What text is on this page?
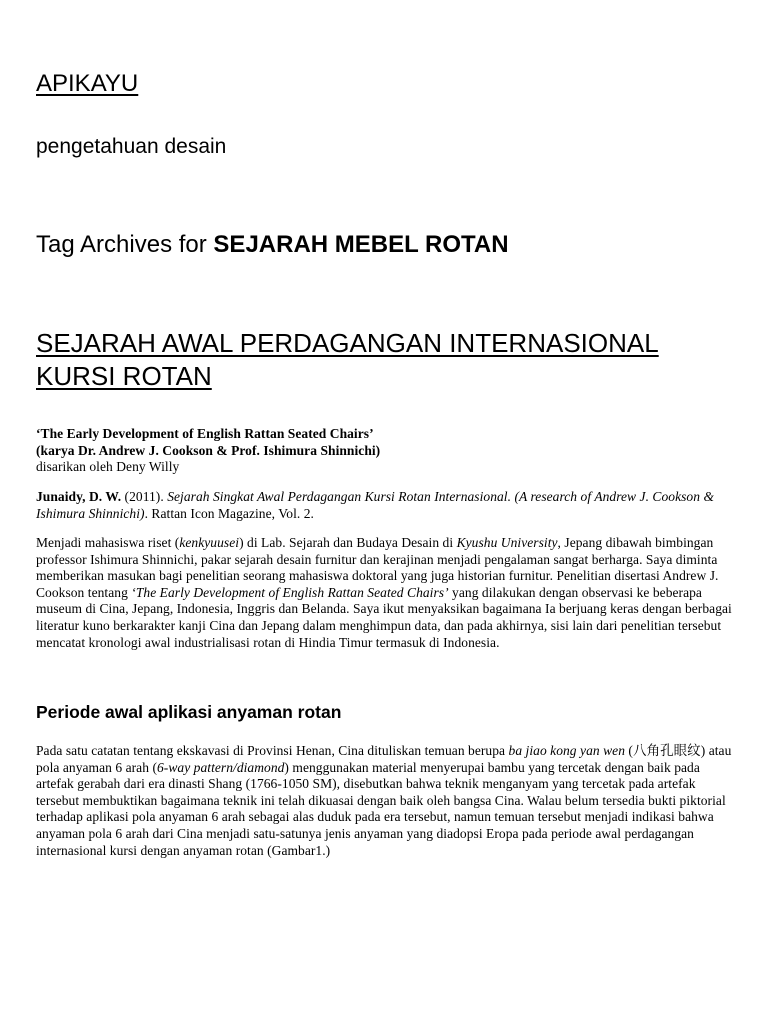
APIKAYU
pengetahuan desain
Tag Archives for SEJARAH MEBEL ROTAN
SEJARAH AWAL PERDAGANGAN INTERNASIONAL KURSI ROTAN

‘The Early Development of English Rattan Seated Chairs’

(karya Dr. Andrew J. Cookson & Prof. Ishimura Shinnichi)

disarikan oleh Deny Willy

Junaidy, D. W. (2011). Sejarah Singkat Awal Perdagangan Kursi Rotan Internasional. (A research of Andrew J. Cookson & Ishimura Shinnichi). Rattan Icon Magazine, Vol. 2.

Menjadi mahasiswa riset (kenkyuusei) di Lab. Sejarah dan Budaya Desain di Kyushu University, Jepang dibawah bimbingan professor Ishimura Shinnichi, pakar sejarah desain furnitur dan kerajinan menjadi pengalaman sangat berharga. Saya diminta memberikan masukan bagi penelitian seorang mahasiswa doktoral yang juga historian furnitur. Penelitian disertasi Andrew J. Cookson tentang ‘The Early Development of English Rattan Seated Chairs’ yang dilakukan dengan observasi ke beberapa museum di Cina, Jepang, Indonesia, Inggris dan Belanda. Saya ikut menyaksikan bagaimana Ia berjuang keras dengan berbagai literatur kuno berkarakter kanji Cina dan Jepang dalam menghimpun data, dan pada akhirnya, sisi lain dari penelitian tersebut mencatat kronologi awal industrialisasi rotan di Hindia Timur termasuk di Indonesia.

Periode awal aplikasi anyaman rotan

Pada satu catatan tentang ekskavasi di Provinsi Henan, Cina dituliskan temuan berupa ba jiao kong yan wen (八角孔眼纹) atau pola anyaman 6 arah (6-way pattern/diamond) menggunakan material menyerupai bambu yang tercetak dengan baik pada artefak gerabah dari era dinasti Shang (1766-1050 SM), disebutkan bahwa teknik menganyam yang tercetak pada artefak tersebut membuktikan bagaimana teknik ini telah dikuasai dengan baik oleh bangsa Cina. Walau belum tersedia bukti piktorial terhadap aplikasi pola anyaman 6 arah sebagai alas duduk pada era tersebut, namun temuan tersebut menjadi indikasi bahwa anyaman pola 6 arah dari Cina menjadi satu-satunya jenis anyaman yang diadopsi Eropa pada periode awal perdagangan internasional kursi dengan anyaman rotan (Gambar1.)
